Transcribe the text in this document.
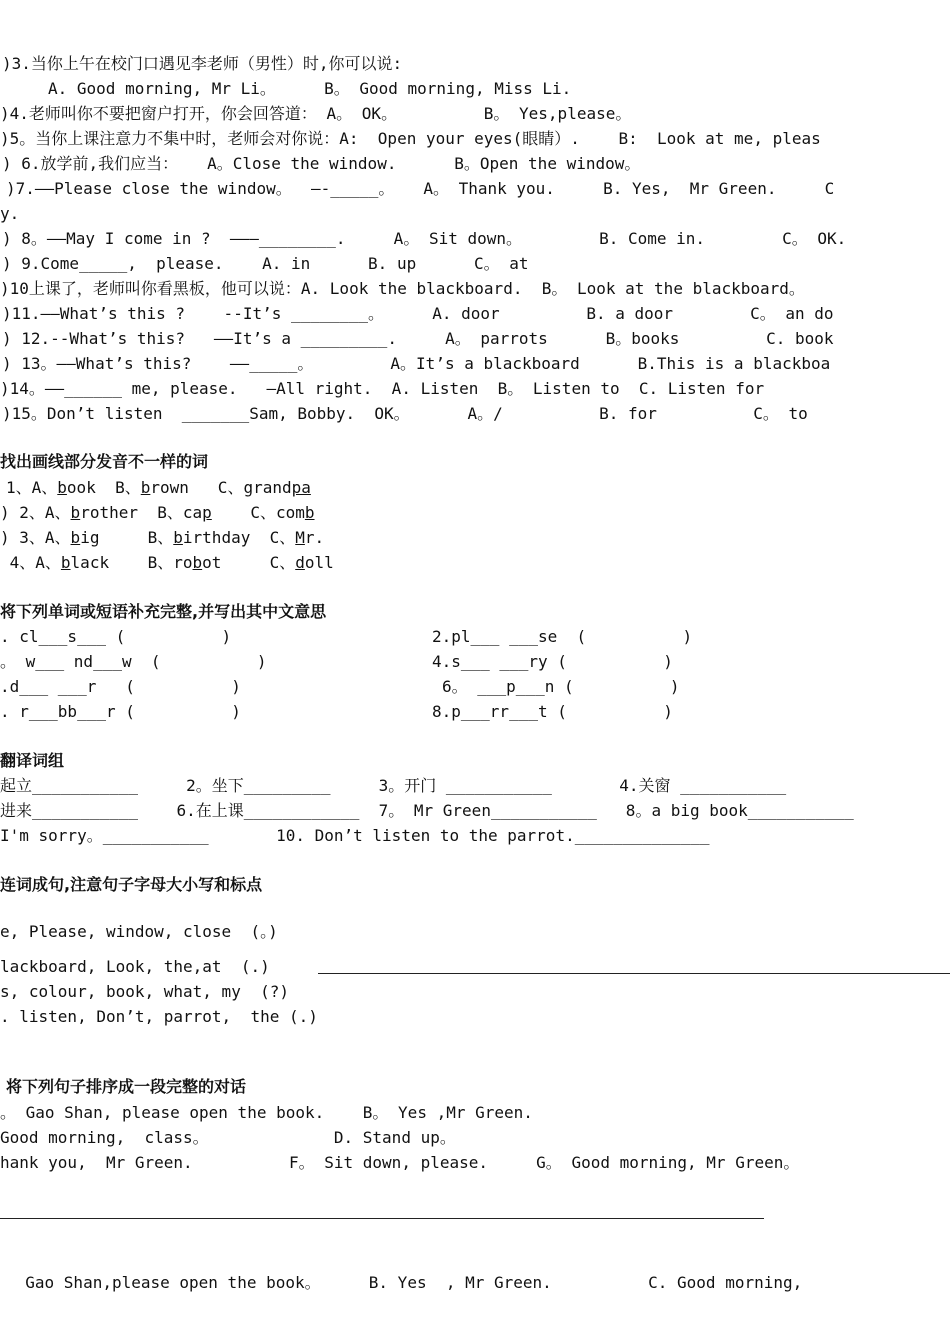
)3.当你上午在校门口遇见李老师（男性）时,你可以说:
A. Good morning, Mr Li。     B。 Good morning, Miss Li.
)4.老师叫你不要把窗户打开，你会回答道： A。 OK。         B。 Yes,please。
)5。当你上课注意力不集中时，老师会对你说：A:  Open your eyes(眼睛）.    B:  Look at me, pleas
) 6.放学前,我们应当：   A。Close the window.      B。Open the window。
)7.——Please close the window。  —-_____。   A。 Thank you.     B. Yes,  Mr Green.     C
y.
) 8。——May I come in ?  ———________.     A。 Sit down。        B. Come in.        C。 OK.
) 9.Come_____,  please.    A. in      B. up      C。 at
)10上课了，老师叫你看黑板，他可以说：A. Look the blackboard.  B。 Look at the blackboard。
)11.——What’s this ?    --It’s ________。     A. door         B. a door        C。 an do
) 12.--What’s this?   ——It’s a _________.     A。 parrots      B。books         C. book
) 13。——What’s this?    ——_____。        A。It’s a blackboard      B.This is a blackboa
)14。——______ me, please.   –All right.  A. Listen  B。 Listen to  C. Listen for
)15。Don’t listen  _______Sam, Bobby.  OK。      A。/          B. for          C。 to
找出画线部分发音不一样的词
1、A、book  B、brown   C、grandpa
) 2、A、brother  B、cap    C、comb
) 3、A、big     B、birthday  C、Mr.
4、A、black    B、robot     C、doll
将下列单词或短语补充完整,并写出其中文意思
. cl___s___ (          )	2.pl___ ___se  (          )
。 w___ nd___w  (          )	4.s___ ___ry (          )
.d___ ___r   (          )	6。 ___p___n (          )
. r___bb___r (          )	8.p___rr___t (          )
翻译词组
起立___________     2。坐下_________     3。开门 ___________       4.关窗 ___________
进来___________    6.在上课____________  7。 Mr Green___________   8。a big book___________
I'm sorry。___________       10. Don’t listen to the parrot.______________
连词成句,注意句子字母大小写和标点
e, Please, window, close  (。)
lackboard, Look, the,at  (.)
s, colour, book, what, my  (?)
. listen, Don’t, parrot,  the (.)
将下列句子排序成一段完整的对话
。 Gao Shan, please open the book.    B。 Yes ,Mr Green.
Good morning,  class。             D. Stand up。
hank you,  Mr Green.          F。 Sit down, please.     G。 Good morning, Mr Green。
Gao Shan,please open the book。     B. Yes  , Mr Green.          C. Good morning,
